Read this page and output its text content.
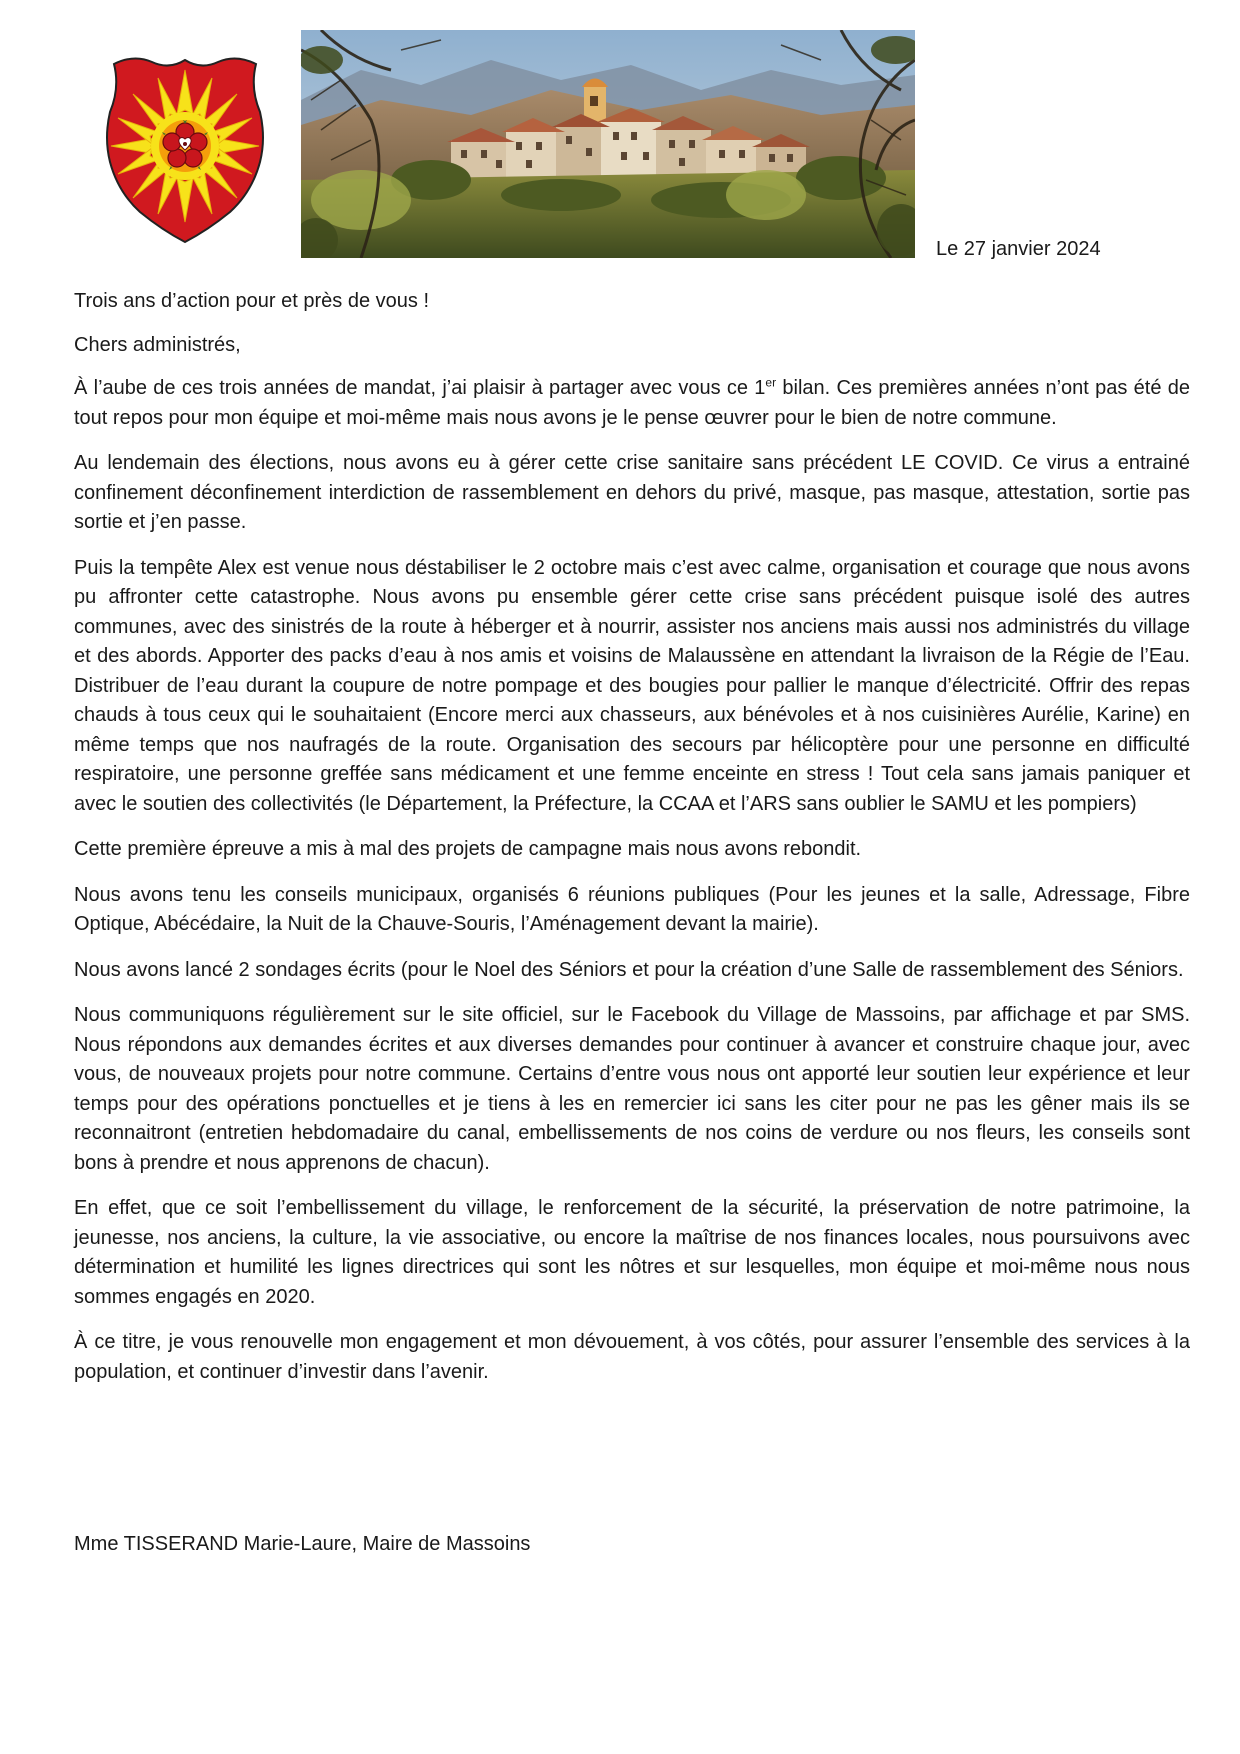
Le 27 janvier 2024

Trois ans d’action pour et près de vous !

Chers administrés,

À l’aube de ces trois années de mandat, j’ai plaisir à partager avec vous ce 1er bilan. Ces premières années n’ont pas été de tout repos pour mon équipe et moi-même mais nous avons je le pense œuvrer pour le bien de notre commune.

Au lendemain des élections, nous avons eu à gérer cette crise sanitaire sans précédent LE COVID. Ce virus a entrainé confinement déconfinement interdiction de rassemblement en dehors du privé, masque, pas masque, attestation, sortie pas sortie et j’en passe.

Puis la tempête Alex est venue nous déstabiliser le 2 octobre mais c’est avec calme, organisation et courage que nous avons pu affronter cette catastrophe. Nous avons pu ensemble gérer cette crise sans précédent puisque isolé des autres communes, avec des sinistrés de la route à héberger et à nourrir, assister nos anciens mais aussi nos administrés du village et des abords. Apporter des packs d’eau à nos amis et voisins de Malaussène en attendant la livraison de la Régie de l’Eau. Distribuer de l’eau durant la coupure de notre pompage et des bougies pour pallier le manque d’électricité. Offrir des repas chauds à tous ceux qui le souhaitaient (Encore merci aux chasseurs, aux bénévoles et à nos cuisinières Aurélie, Karine) en même temps que nos naufragés de la route. Organisation des secours par hélicoptère pour une personne en difficulté respiratoire, une personne greffée sans médicament et une femme enceinte en stress ! Tout cela sans jamais paniquer et avec le soutien des collectivités (le Département, la Préfecture, la CCAA et l’ARS sans oublier le SAMU et les pompiers)

Cette première épreuve a mis à mal des projets de campagne mais nous avons rebondit.

Nous avons tenu les conseils municipaux, organisés 6 réunions publiques (Pour les jeunes et la salle, Adressage, Fibre Optique, Abécédaire, la Nuit de la Chauve-Souris, l’Aménagement devant la mairie).

Nous avons lancé 2 sondages écrits (pour le Noel des Séniors et pour la création d’une Salle de rassemblement des Séniors.

Nous communiquons régulièrement sur le site officiel, sur le Facebook du Village de Massoins, par affichage et par SMS. Nous répondons aux demandes écrites et aux diverses demandes pour continuer à avancer et construire chaque jour, avec vous, de nouveaux projets pour notre commune. Certains d’entre vous nous ont apporté leur soutien leur expérience et leur temps pour des opérations ponctuelles et je tiens à les en remercier ici sans les citer pour ne pas les gêner mais ils se reconnaitront (entretien hebdomadaire du canal, embellissements de nos coins de verdure ou nos fleurs, les conseils sont bons à prendre et nous apprenons de chacun).

En effet, que ce soit l’embellissement du village, le renforcement de la sécurité, la préservation de notre patrimoine, la jeunesse, nos anciens, la culture, la vie associative, ou encore la maîtrise de nos finances locales, nous poursuivons avec détermination et humilité les lignes directrices qui sont les nôtres et sur lesquelles, mon équipe et moi-même nous nous sommes engagés en 2020.

À ce titre, je vous renouvelle mon engagement et mon dévouement, à vos côtés, pour assurer l’ensemble des services à la population, et continuer d’investir dans l’avenir.

Mme TISSERAND Marie-Laure, Maire de Massoins
